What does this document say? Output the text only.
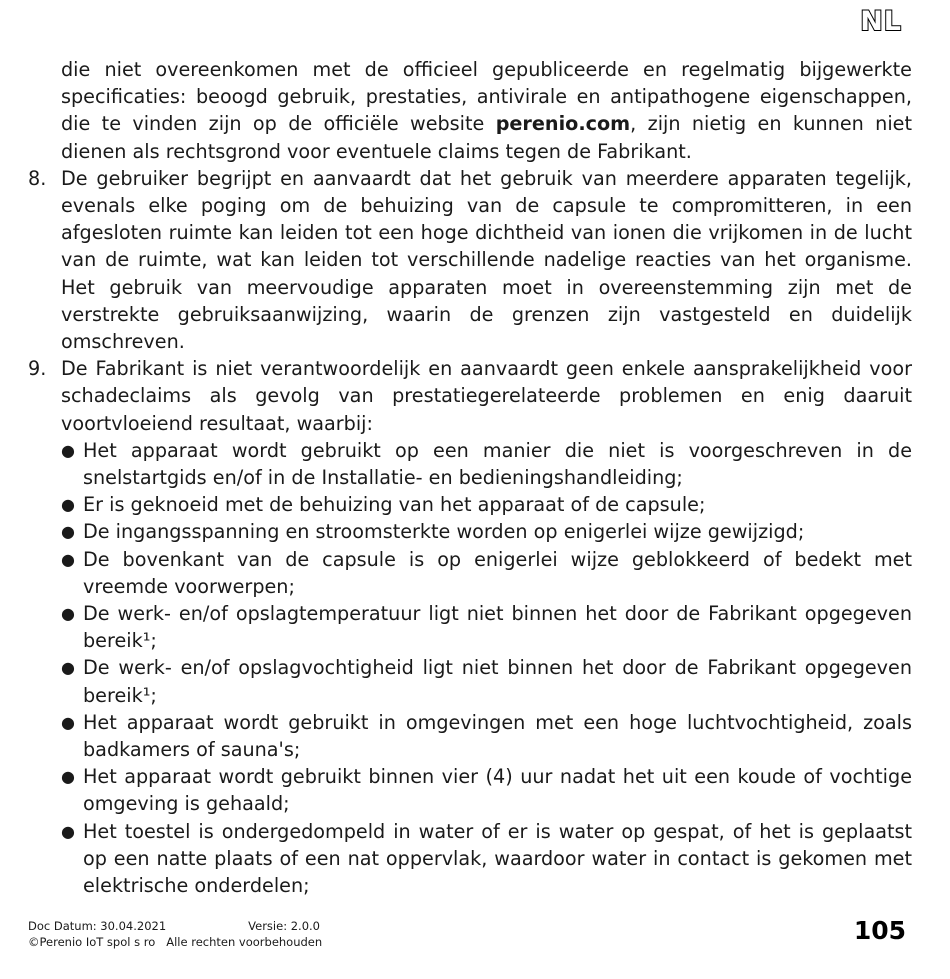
NL

die niet overeenkomen met de officieel gepubliceerde en regelmatig bijgewerkte specificaties: beoogd gebruik, prestaties, antivirale en antipathogene eigenschappen, die te vinden zijn op de officiële website perenio.com, zijn nietig en kunnen niet dienen als rechtsgrond voor eventuele claims tegen de Fabrikant.

8. De gebruiker begrijpt en aanvaardt dat het gebruik van meerdere apparaten tegelijk, evenals elke poging om de behuizing van de capsule te compromitteren, in een afgesloten ruimte kan leiden tot een hoge dichtheid van ionen die vrijkomen in de lucht van de ruimte, wat kan leiden tot verschillende nadelige reacties van het organisme. Het gebruik van meervoudige apparaten moet in overeenstemming zijn met de verstrekte gebruiksaanwijzing, waarin de grenzen zijn vastgesteld en duidelijk omschreven.

9. De Fabrikant is niet verantwoordelijk en aanvaardt geen enkele aansprakelijkheid voor schadeclaims als gevolg van prestatiegerelateerde problemen en enig daaruit voortvloeiend resultaat, waarbij:

● Het apparaat wordt gebruikt op een manier die niet is voorgeschreven in de snelstartgids en/of in de Installatie- en bedieningshandleiding;
● Er is geknoeid met de behuizing van het apparaat of de capsule;
● De ingangsspanning en stroomsterkte worden op enigerlei wijze gewijzigd;
● De bovenkant van de capsule is op enigerlei wijze geblokkeerd of bedekt met vreemde voorwerpen;
● De werk- en/of opslagtemperatuur ligt niet binnen het door de Fabrikant opgegeven bereik¹;
● De werk- en/of opslagvochtigheid ligt niet binnen het door de Fabrikant opgegeven bereik¹;
● Het apparaat wordt gebruikt in omgevingen met een hoge luchtvochtigheid, zoals badkamers of sauna's;
● Het apparaat wordt gebruikt binnen vier (4) uur nadat het uit een koude of vochtige omgeving is gehaald;
● Het toestel is ondergedompeld in water of er is water op gespat, of het is geplaatst op een natte plaats of een nat oppervlak, waardoor water in contact is gekomen met elektrische onderdelen;
Doc Datum: 30.04.2021	Versie: 2.0.0
©Perenio IoT spol s ro   Alle rechten voorbehouden	105
